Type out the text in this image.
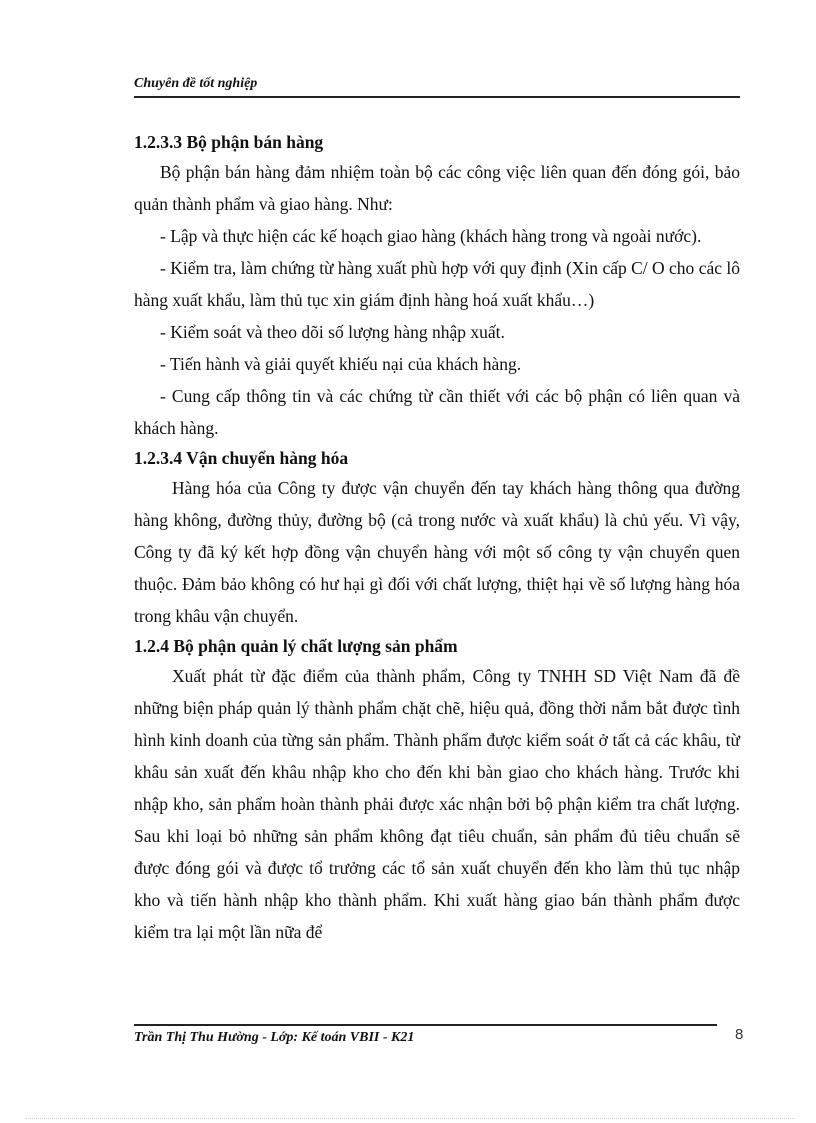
Chuyên đề tốt nghiệp

1.2.3.3 Bộ phận bán hàng

Bộ phận bán hàng đảm nhiệm toàn bộ các công việc liên quan đến đóng gói, bảo quản thành phẩm và giao hàng. Như:

- Lập và thực hiện các kế hoạch giao hàng (khách hàng trong và ngoài nước).

- Kiểm tra, làm chứng từ hàng xuất phù hợp với quy định (Xin cấp C/ O cho các lô hàng xuất khẩu, làm thủ tục xin giám định hàng hoá xuất khẩu…)

- Kiểm soát và theo dõi số lượng hàng nhập xuất.

- Tiến hành và giải quyết khiếu nại của khách hàng.

- Cung cấp thông tin và các chứng từ cần thiết với các bộ phận có liên quan và khách hàng.

1.2.3.4 Vận chuyển hàng hóa

Hàng hóa của Công ty được vận chuyển đến tay khách hàng thông qua đường hàng không, đường thủy, đường bộ (cả trong nước và xuất khẩu) là chủ yếu. Vì vậy, Công ty đã ký kết hợp đồng vận chuyển hàng với một số công ty vận chuyển quen thuộc. Đảm bảo không có hư hại gì đối với chất lượng, thiệt hại về số lượng hàng hóa trong khâu vận chuyển.

1.2.4 Bộ phận quản lý chất lượng sản phẩm

Xuất phát từ đặc điểm của thành phẩm, Công ty TNHH SD Việt Nam đã đề những biện pháp quản lý thành phẩm chặt chẽ, hiệu quả, đồng thời nắm bắt được tình hình kinh doanh của từng sản phẩm. Thành phẩm được kiểm soát ở tất cả các khâu, từ khâu sản xuất đến khâu nhập kho cho đến khi bàn giao cho khách hàng. Trước khi nhập kho, sản phẩm hoàn thành phải được xác nhận bởi bộ phận kiểm tra chất lượng. Sau khi loại bỏ những sản phẩm không đạt tiêu chuẩn, sản phẩm đủ tiêu chuẩn sẽ được đóng gói và được tổ trưởng các tổ sản xuất chuyển đến kho làm thủ tục nhập kho và tiến hành nhập kho thành phẩm. Khi xuất hàng giao bán thành phẩm được kiểm tra lại một lần nữa để

Trần Thị Thu Hường - Lớp: Kế toán VBII - K21	8
